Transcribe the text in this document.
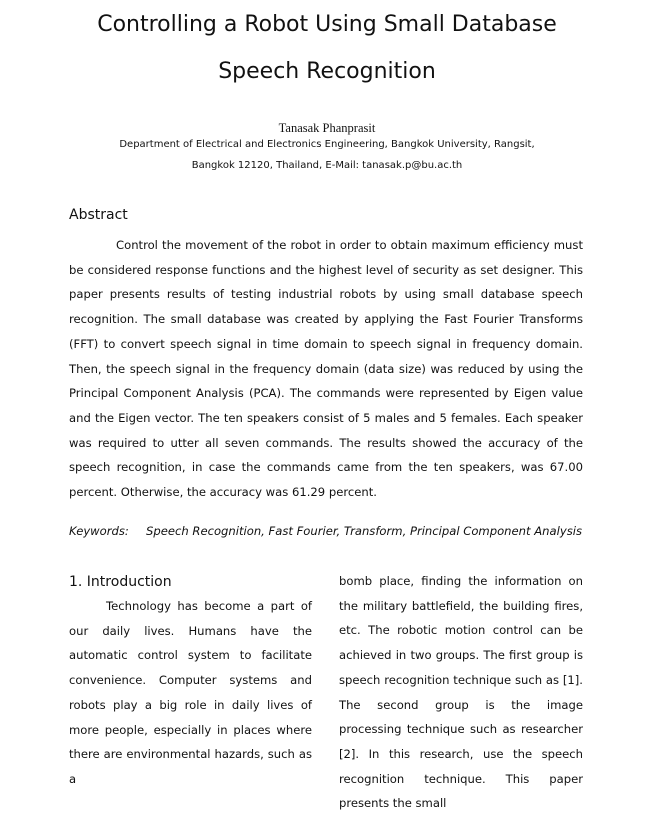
Controlling a Robot Using Small Database
Speech Recognition
Tanasak Phanprasit
Department of Electrical and Electronics Engineering, Bangkok University, Rangsit,
Bangkok 12120, Thailand, E-Mail: tanasak.p@bu.ac.th
Abstract
Control the movement of the robot in order to obtain maximum efficiency must be considered response functions and the highest level of security as set designer. This paper presents results of testing industrial robots by using small database speech recognition. The small database was created by applying the Fast Fourier Transforms (FFT) to convert speech signal in time domain to speech signal in frequency domain. Then, the speech signal in the frequency domain (data size) was reduced by using the Principal Component Analysis (PCA). The commands were represented by Eigen value and the Eigen vector. The ten speakers consist of 5 males and 5 females. Each speaker was required to utter all seven commands. The results showed the accuracy of the speech recognition, in case the commands came from the ten speakers, was 67.00 percent. Otherwise, the accuracy was 61.29 percent.
Keywords: Speech Recognition, Fast Fourier, Transform, Principal Component Analysis
1. Introduction

Technology has become a part of our daily lives. Humans have the automatic control system to facilitate convenience. Computer systems and robots play a big role in daily lives of more people, especially in places where there are environmental hazards, such as a

bomb place, finding the information on the military battlefield, the building fires, etc. The robotic motion control can be achieved in two groups. The first group is speech recognition technique such as [1]. The second group is the image processing technique such as researcher [2]. In this research, use the speech recognition technique. This paper presents the small
